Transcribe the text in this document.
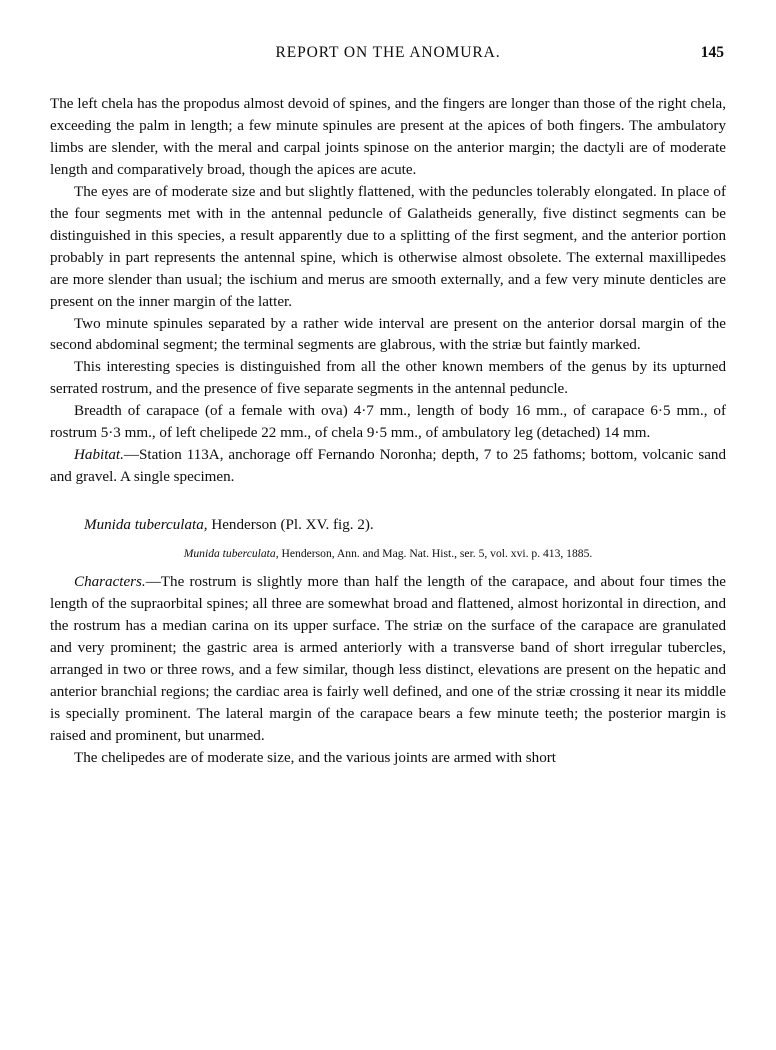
REPORT ON THE ANOMURA.	145

The left chela has the propodus almost devoid of spines, and the fingers are longer than those of the right chela, exceeding the palm in length; a few minute spinules are present at the apices of both fingers. The ambulatory limbs are slender, with the meral and carpal joints spinose on the anterior margin; the dactyli are of moderate length and comparatively broad, though the apices are acute.

The eyes are of moderate size and but slightly flattened, with the peduncles tolerably elongated. In place of the four segments met with in the antennal peduncle of Galatheids generally, five distinct segments can be distinguished in this species, a result apparently due to a splitting of the first segment, and the anterior portion probably in part represents the antennal spine, which is otherwise almost obsolete. The external maxillipedes are more slender than usual; the ischium and merus are smooth externally, and a few very minute denticles are present on the inner margin of the latter.

Two minute spinules separated by a rather wide interval are present on the anterior dorsal margin of the second abdominal segment; the terminal segments are glabrous, with the striæ but faintly marked.

This interesting species is distinguished from all the other known members of the genus by its upturned serrated rostrum, and the presence of five separate segments in the antennal peduncle.

Breadth of carapace (of a female with ova) 4·7 mm., length of body 16 mm., of carapace 6·5 mm., of rostrum 5·3 mm., of left chelipede 22 mm., of chela 9·5 mm., of ambulatory leg (detached) 14 mm.

Habitat.—Station 113A, anchorage off Fernando Noronha; depth, 7 to 25 fathoms; bottom, volcanic sand and gravel. A single specimen.

Munida tuberculata, Henderson (Pl. XV. fig. 2).

Munida tuberculata, Henderson, Ann. and Mag. Nat. Hist., ser. 5, vol. xvi. p. 413, 1885.

Characters.—The rostrum is slightly more than half the length of the carapace, and about four times the length of the supraorbital spines; all three are somewhat broad and flattened, almost horizontal in direction, and the rostrum has a median carina on its upper surface. The striæ on the surface of the carapace are granulated and very prominent; the gastric area is armed anteriorly with a transverse band of short irregular tubercles, arranged in two or three rows, and a few similar, though less distinct, elevations are present on the hepatic and anterior branchial regions; the cardiac area is fairly well defined, and one of the striæ crossing it near its middle is specially prominent. The lateral margin of the carapace bears a few minute teeth; the posterior margin is raised and prominent, but unarmed.

The chelipedes are of moderate size, and the various joints are armed with short
